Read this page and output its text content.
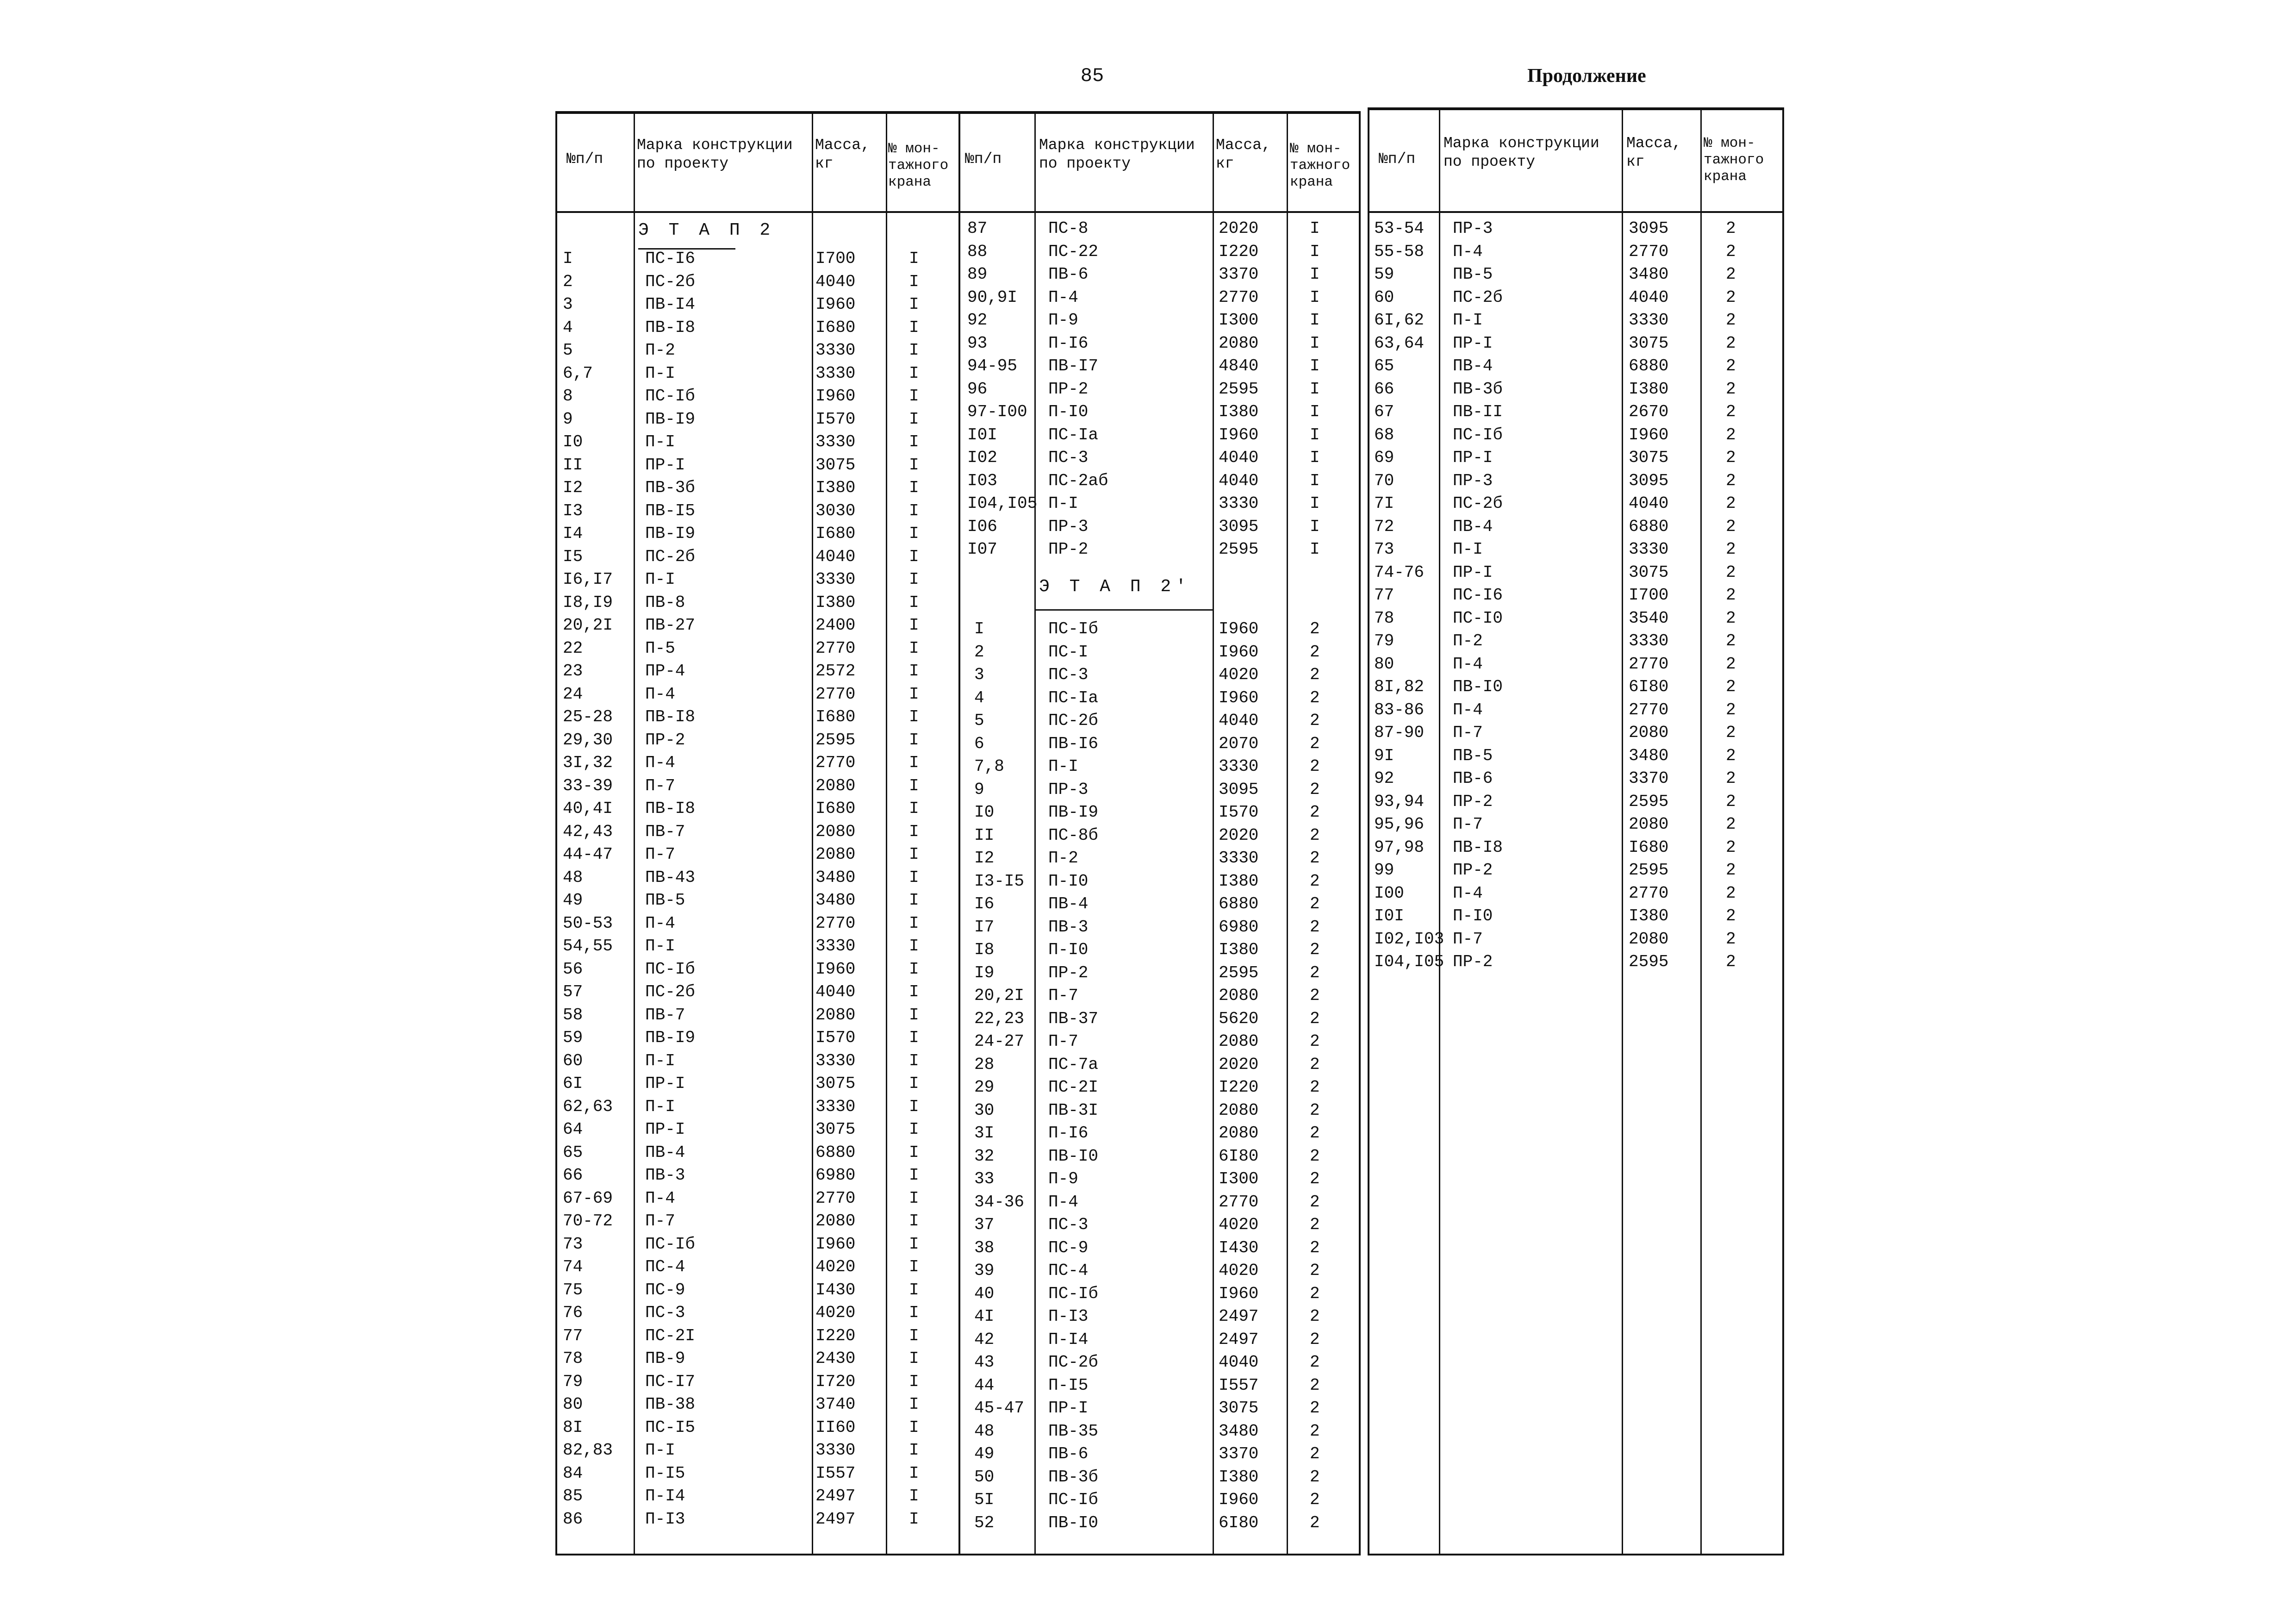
85	Продолжение
№п/п
Марка конструкции
по проекту
Масса,
кг
№ мон-
тажного
крана
Э Т А П 2
I	ПС-I6	I700	I
2	ПС-2б	4040	I
3	ПВ-I4	I960	I
4	ПВ-I8	I680	I
5	П-2	3330	I
6,7	П-I	3330	I
8	ПС-Iб	I960	I
9	ПВ-I9	I570	I
I0	П-I	3330	I
II	ПР-I	3075	I
I2	ПВ-3б	I380	I
I3	ПВ-I5	3030	I
I4	ПВ-I9	I680	I
I5	ПС-2б	4040	I
I6,I7 П-I	3330	I
I8,I9 ПВ-8	I380	I
20,2I ПВ-27	2400	I
22	П-5	2770	I
23	ПР-4	2572	I
24	П-4	2770	I
25-28 ПВ-I8	I680	I
29,30 ПР-2	2595	I
3I,32 П-4	2770	I
33-39 П-7	2080	I
40,4I ПВ-I8	I680	I
42,43 ПВ-7	2080	I
44-47 П-7	2080	I
48	ПВ-43	3480	I
49	ПВ-5	3480	I
50-53 П-4	2770	I
54,55 П-I	3330	I
56	ПС-Iб	I960	I
57	ПС-2б	4040	I
58	ПВ-7	2080	I
59	ПВ-I9	I570	I
60	П-I	3330	I
6I	ПР-I	3075	I
62,63 П-I	3330	I
64	ПР-I	3075	I
65	ПВ-4	6880	I
66	ПВ-3	6980	I
67-69 П-4	2770	I
70-72 П-7	2080	I
73	ПС-Iб	I960	I
74	ПС-4	4020	I
75	ПС-9	I430	I
76	ПС-3	4020	I
77	ПС-2I	I220	I
78	ПВ-9	2430	I
79	ПС-I7	I720	I
80	ПВ-38	3740	I
8I	ПС-I5	II60	I
82,83 П-I	3330	I
84	П-I5	I557	I
85	П-I4	2497	I
86	П-I3	2497	I
№п/п
Марка конструкции
по проекту
Масса,
кг
№ мон-
тажного
крана
Э Т А П 2'
87	ПС-8	2020	I
88	ПС-22	I220	I
89	ПВ-6	3370	I
90,9I П-4	2770	I
92	П-9	I300	I
93	П-I6	2080	I
94-95 ПВ-I7	4840	I
96	ПР-2	2595	I
97-I00 П-I0	I380	I
I0I	ПС-Iа	I960	I
I02	ПС-3	4040	I
I03	ПС-2аб	4040	I
I04,I05 П-I	3330	I
I06	ПР-3	3095	I
I07	ПР-2	2595	I
I	ПС-Iб	I960	2
2	ПС-I	I960	2
3	ПС-3	4020	2
4	ПС-Iа	I960	2
5	ПС-2б	4040	2
6	ПВ-I6	2070	2
7,8	П-I	3330	2
9	ПР-3	3095	2
I0	ПВ-I9	I570	2
II	ПС-8б	2020	2
I2	П-2	3330	2
I3-I5 П-I0	I380	2
I6	ПВ-4	6880	2
I7	ПВ-3	6980	2
I8	П-I0	I380	2
I9	ПР-2	2595	2
20,2I П-7	2080	2
22,23 ПВ-37	5620	2
24-27 П-7	2080	2
28	ПС-7а	2020	2
29	ПС-2I	I220	2
30	ПВ-3I	2080	2
3I	П-I6	2080	2
32	ПВ-I0	6I80	2
33	П-9	I300	2
34-36 П-4	2770	2
37	ПС-3	4020	2
38	ПС-9	I430	2
39	ПС-4	4020	2
40	ПС-Iб	I960	2
4I	П-I3	2497	2
42	П-I4	2497	2
43	ПС-2б	4040	2
44	П-I5	I557	2
45-47 ПР-I	3075	2
48	ПВ-35	3480	2
49	ПВ-6	3370	2
50	ПВ-3б	I380	2
5I	ПС-Iб	I960	2
52	ПВ-I0	6I80	2
№п/п
Марка конструкции
по проекту
Масса,
кг
№ мон-
тажного
крана
53-54 ПР-3	3095	2
55-58 П-4	2770	2
59	ПВ-5	3480	2
60	ПС-2б	4040	2
6I,62 П-I	3330	2
63,64 ПР-I	3075	2
65	ПВ-4	6880	2
66	ПВ-3б	I380	2
67	ПВ-II	2670	2
68	ПС-Iб	I960	2
69	ПР-I	3075	2
70	ПР-3	3095	2
7I	ПС-2б	4040	2
72	ПВ-4	6880	2
73	П-I	3330	2
74-76 ПР-I	3075	2
77	ПС-I6	I700	2
78	ПС-I0	3540	2
79	П-2	3330	2
80	П-4	2770	2
8I,82 ПВ-I0	6I80	2
83-86 П-4	2770	2
87-90 П-7	2080	2
9I	ПВ-5	3480	2
92	ПВ-6	3370	2
93,94 ПР-2	2595	2
95,96 П-7	2080	2
97,98 ПВ-I8	I680	2
99	ПР-2	2595	2
I00	П-4	2770	2
I0I	П-I0	I380	2
I02,I03 П-7	2080	2
I04,I05 ПР-2	2595	2
